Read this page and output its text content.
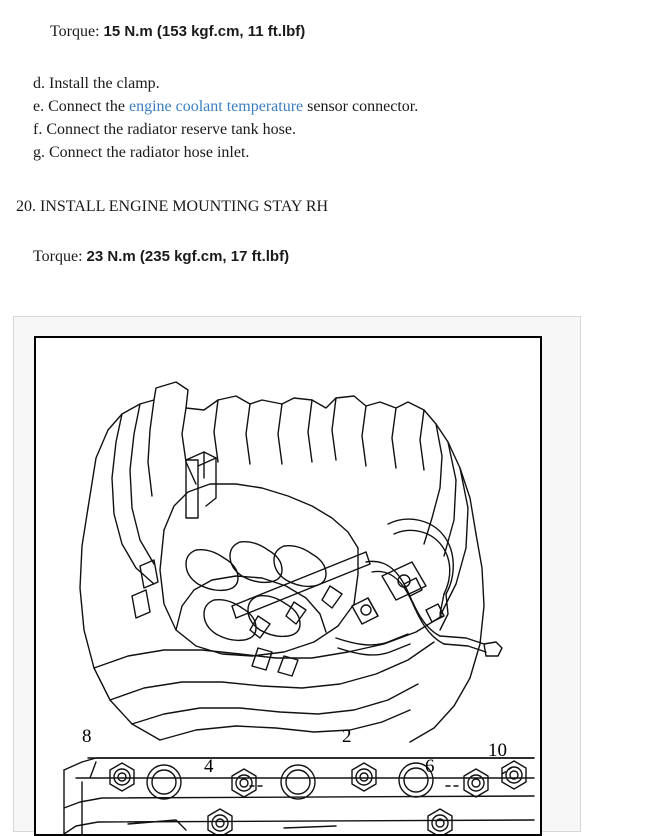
Torque: 15 N.m (153 kgf.cm, 11 ft.lbf)
d. Install the clamp.
e. Connect the engine coolant temperature sensor connector.
f. Connect the radiator reserve tank hose.
g. Connect the radiator hose inlet.
20. INSTALL ENGINE MOUNTING STAY RH
Torque: 23 N.m (235 kgf.cm, 17 ft.lbf)
8
4
2
6
10
